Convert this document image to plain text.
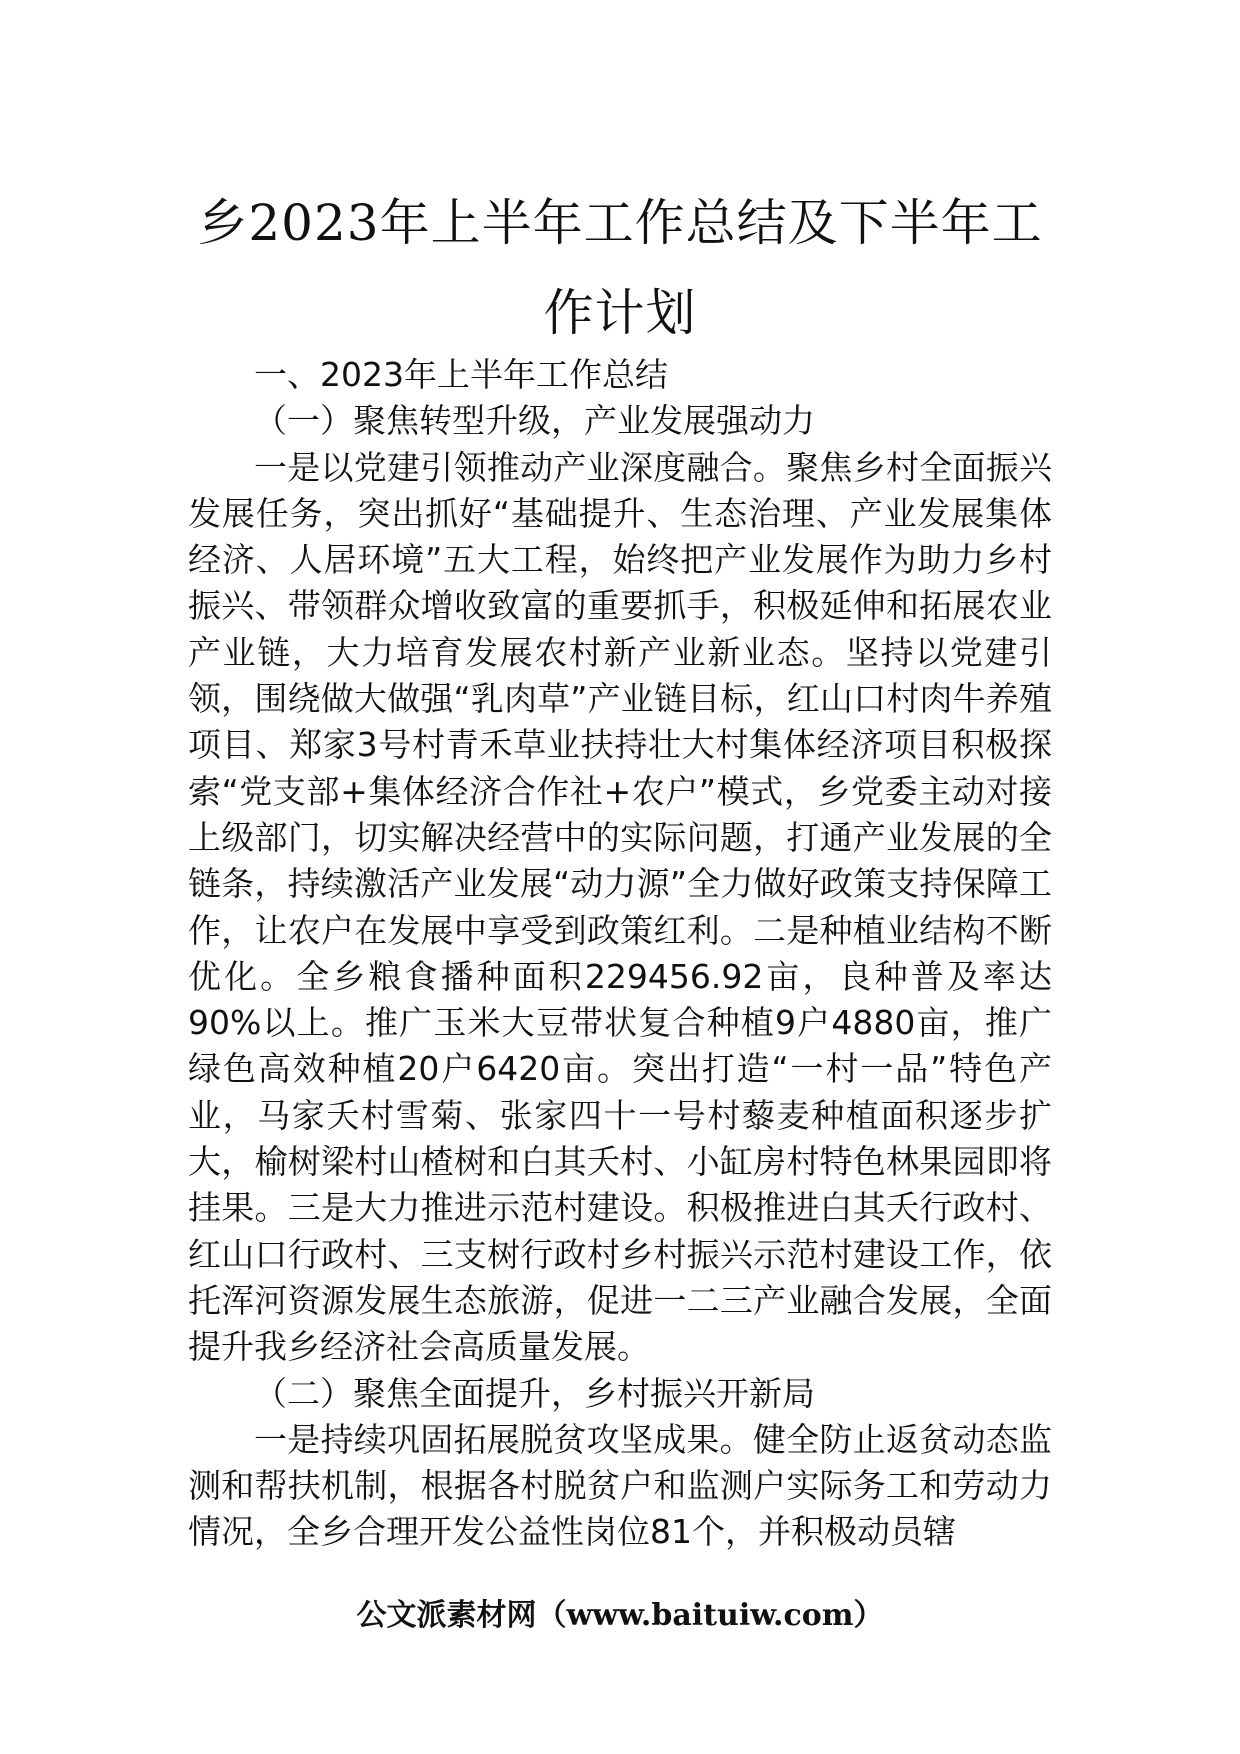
乡2023年上半年工作总结及下半年工作计划

一、2023年上半年工作总结

（一）聚焦转型升级，产业发展强动力

一是以党建引领推动产业深度融合。聚焦乡村全面振兴发展任务，突出抓好“基础提升、生态治理、产业发展集体经济、人居环境”五大工程，始终把产业发展作为助力乡村振兴、带领群众增收致富的重要抓手，积极延伸和拓展农业产业链，大力培育发展农村新产业新业态。坚持以党建引领，围绕做大做强“乳肉草”产业链目标，红山口村肉牛养殖项目、郑家3号村青禾草业扶持壮大村集体经济项目积极探索“党支部+集体经济合作社+农户”模式，乡党委主动对接上级部门，切实解决经营中的实际问题，打通产业发展的全链条，持续激活产业发展“动力源”全力做好政策支持保障工作，让农户在发展中享受到政策红利。二是种植业结构不断优化。全乡粮食播种面积229456.92亩，良种普及率达90%以上。推广玉米大豆带状复合种植9户4880亩，推广绿色高效种植20户6420亩。突出打造“一村一品”特色产业，马家夭村雪菊、张家四十一号村藜麦种植面积逐步扩大，榆树梁村山楂树和白其夭村、小缸房村特色林果园即将挂果。三是大力推进示范村建设。积极推进白其夭行政村、红山口行政村、三支树行政村乡村振兴示范村建设工作，依托浑河资源发展生态旅游，促进一二三产业融合发展，全面提升我乡经济社会高质量发展。

（二）聚焦全面提升，乡村振兴开新局

一是持续巩固拓展脱贫攻坚成果。健全防止返贫动态监测和帮扶机制，根据各村脱贫户和监测户实际务工和劳动力情况，全乡合理开发公益性岗位81个，并积极动员辖

公文派素材网（www.baituiw.com）
